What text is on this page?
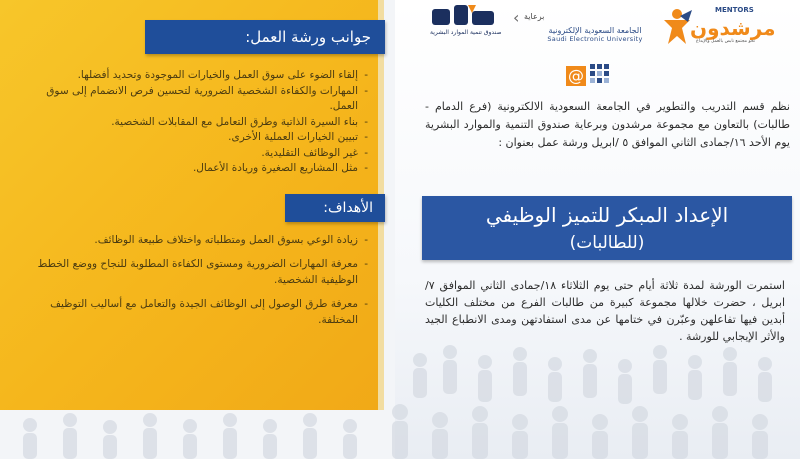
جوانب ورشة العمل:
- إلقاء الضوء على سوق العمل والخيارات الموجودة وتحديد أفضلها.
- المهارات والكفاءة الشخصية الضرورية لتحسين فرص الانضمام إلى سوق العمل.
- بناء السيرة الذاتية وطرق التعامل مع المقابلات الشخصية.
- تبيين الخيارات العملية الأخرى.
- غير الوظائف التقليدية.
- مثل المشاريع الصغيرة وريادة الأعمال.
الأهداف:
- زيادة الوعي بسوق العمل ومتطلباته واختلاف طبيعة الوظائف.
- معرفة المهارات الضرورية ومستوى الكفاءة المطلوبة للنجاح ووضع الخطط الوظيفية الشخصية.
- معرفة طرق الوصول إلى الوظائف الجيدة والتعامل مع أساليب التوظيف المختلفة.
صندوق تنمية الموارد البشرية
‹ برعاية
الجامعة السعودية الإلكترونية
Saudi Electronic University
MENTORS
مرشدون
نحو مجتمع نابض بالعمل والإبداع
@
نظم قسم التدريب والتطوير في الجامعة السعودية الالكترونية (فرع الدمام - طالبات) بالتعاون مع مجموعة مرشدون وبرعاية صندوق التنمية والموارد البشرية يوم الأحد ١٦/جمادى الثاني الموافق ٥ /ابريل ورشة عمل بعنوان :
الإعداد المبكر للتميز الوظيفي
(للطالبات)
استمرت الورشة لمدة ثلاثة أيام حتى يوم الثلاثاء ١٨/جمادى الثاني الموافق ٧/ابريل ، حضرت خلالها مجموعة كبيرة من طالبات الفرع من مختلف الكليات أبدين فيها تفاعلهن وعبّرن في ختامها عن مدى استفادتهن ومدى الانطباع الجيد والأثر الإيجابي للورشة .
